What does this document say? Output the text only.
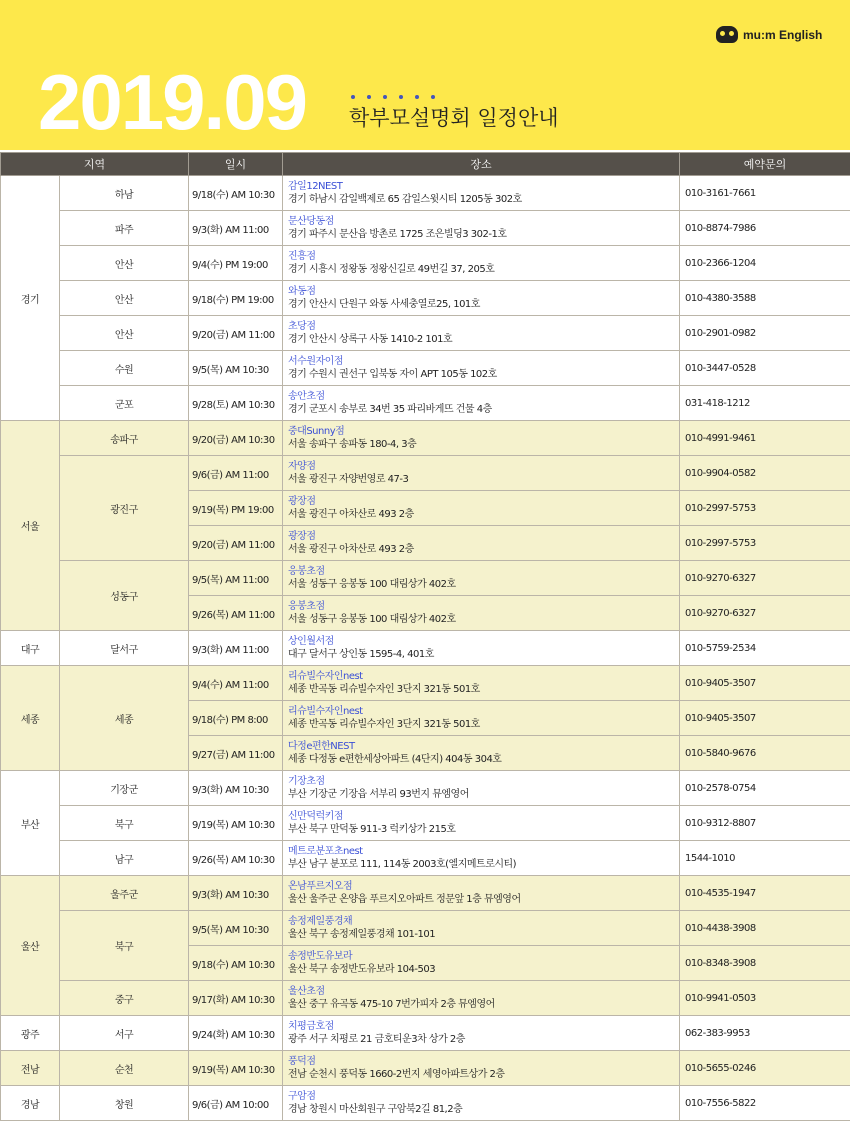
mu:m English
2019.09 학부모설명회 일정안내
지역		일시	장소	예약문의
경기	하남	9/18(수) AM 10:30	감일12NEST
경기 하남시 감일백제로 65 감일스윗시티 1205동 302호	010-3161-7661
	파주	9/3(화) AM 11:00	문산당동점
경기 파주시 문산읍 방촌로 1725 조은빌딩3 302-1호	010-8874-7986
	안산	9/4(수) PM 19:00	진흥점
경기 시흥시 정왕동 정왕신길로 49번길 37, 205호	010-2366-1204
	안산	9/18(수) PM 19:00	와동점
경기 안산시 단원구 와동 사세충열로25, 101호	010-4380-3588
	안산	9/20(금) AM 11:00	초당점
경기 안산시 상록구 사동 1410-2 101호	010-2901-0982
	수원	9/5(목) AM 10:30	서수원자이점
경기 수원시 권선구 입북동 자이 APT 105동 102호	010-3447-0528
	군포	9/28(토) AM 10:30	송안초점
경기 군포시 송부로 34번 35 파리바게뜨 건물 4층	031-418-1212
서울	송파구	9/20(금) AM 10:30	중대Sunny점
서울 송파구 송파동 180-4, 3층	010-4991-9461
	광진구	9/6(금) AM 11:00	자양점
서울 광진구 자양번영로 47-3	010-9904-0582
		9/19(목) PM 19:00	광장점
서울 광진구 아차산로 493 2층	010-2997-5753
		9/20(금) AM 11:00	광장점
서울 광진구 아차산로 493 2층	010-2997-5753
	성동구	9/5(목) AM 11:00	응봉초점
서울 성동구 응봉동 100 대림상가 402호	010-9270-6327
		9/26(목) AM 11:00	응봉초점
서울 성동구 응봉동 100 대림상가 402호	010-9270-6327
대구	달서구	9/3(화) AM 11:00	상인월서점
대구 달서구 상인동 1595-4, 401호	010-5759-2534
세종	세종	9/4(수) AM 11:00	리슈빌수자인nest
세종 반곡동 리슈빌수자인 3단지 321동 501호	010-9405-3507
		9/18(수) PM 8:00	리슈빌수자인nest
세종 반곡동 리슈빌수자인 3단지 321동 501호	010-9405-3507
		9/27(금) AM 11:00	다정e편한NEST
세종 다정동 e편한세상아파트 (4단지) 404동 304호	010-5840-9676
부산	기장군	9/3(화) AM 10:30	기장초점
부산 기장군 기장읍 서부리 93번지 뮤엠영어	010-2578-0754
	북구	9/19(목) AM 10:30	신만덕럭키점
부산 북구 만덕동 911-3 럭키상가 215호	010-9312-8807
	남구	9/26(목) AM 10:30	메트로분포초nest
부산 남구 분포로 111, 114동 2003호(엘지메트로시티)	1544-1010
울산	울주군	9/3(화) AM 10:30	온남푸르지오점
울산 울주군 온양읍 푸르지오아파트 정문앞 1층 뮤엠영어	010-4535-1947
	북구	9/5(목) AM 10:30	송정제일풍경채
울산 북구 송정제일풍경채 101-101	010-4438-3908
		9/18(수) AM 10:30	송정반도유보라
울산 북구 송정반도유보라 104-503	010-8348-3908
	중구	9/17(화) AM 10:30	울산초점
울산 중구 유곡동 475-10 7번가피자 2층 뮤엠영어	010-9941-0503
광주	서구	9/24(화) AM 10:30	치평금호점
광주 서구 치평로 21 금호티운3차 상가 2층	062-383-9953
전남	순천	9/19(목) AM 10:30	풍덕점
전남 순천시 풍덕동 1660-2번지 세영아파트상가 2층	010-5655-0246
경남	창원	9/6(금) AM 10:00	구암점
경남 창원시 마산회원구 구암북2길 81,2층	010-7556-5822
